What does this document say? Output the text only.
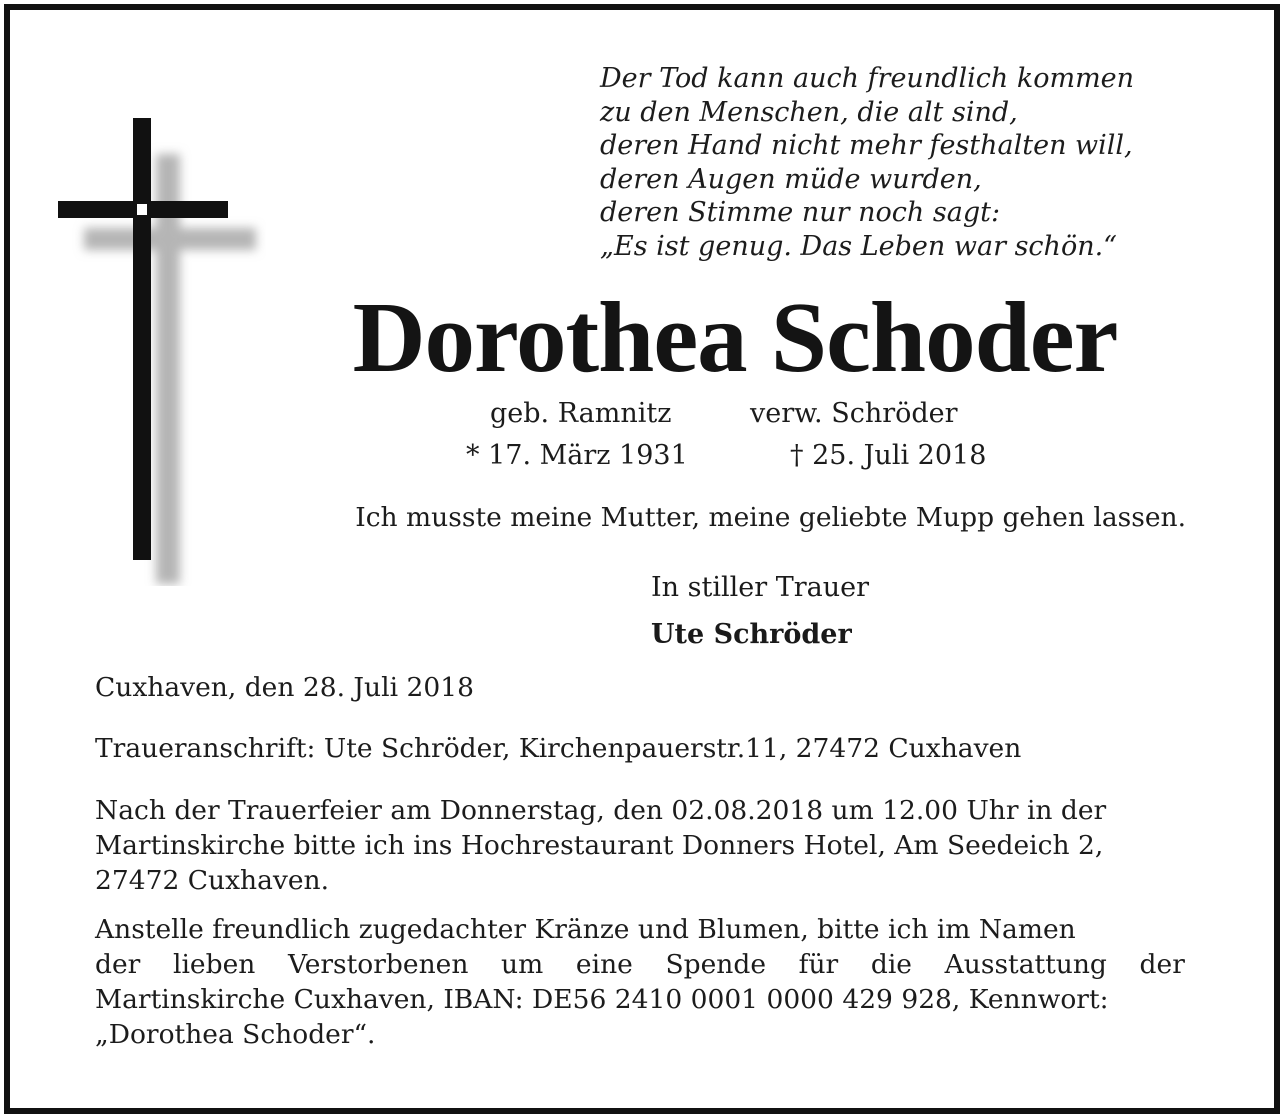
Der Tod kann auch freundlich kommen
zu den Menschen, die alt sind,
deren Hand nicht mehr festhalten will,
deren Augen müde wurden,
deren Stimme nur noch sagt:
„Es ist genug. Das Leben war schön.“
Dorothea Schoder
geb. Ramnitz	verw. Schröder
* 17. März 1931	† 25. Juli 2018
Ich musste meine Mutter, meine geliebte Mupp gehen lassen.
In stiller Trauer
Ute Schröder
Cuxhaven, den 28. Juli 2018
Traueranschrift: Ute Schröder, Kirchenpauerstr.11, 27472 Cuxhaven
Nach der Trauerfeier am Donnerstag, den 02.08.2018 um 12.00 Uhr in der
Martinskirche bitte ich ins Hochrestaurant Donners Hotel, Am Seedeich 2,
27472 Cuxhaven.
Anstelle freundlich zugedachter Kränze und Blumen, bitte ich im Namen
der lieben Verstorbenen um eine Spende für die Ausstattung der
Martinskirche Cuxhaven, IBAN: DE56 2410 0001 0000 429 928, Kennwort:
„Dorothea Schoder“.
